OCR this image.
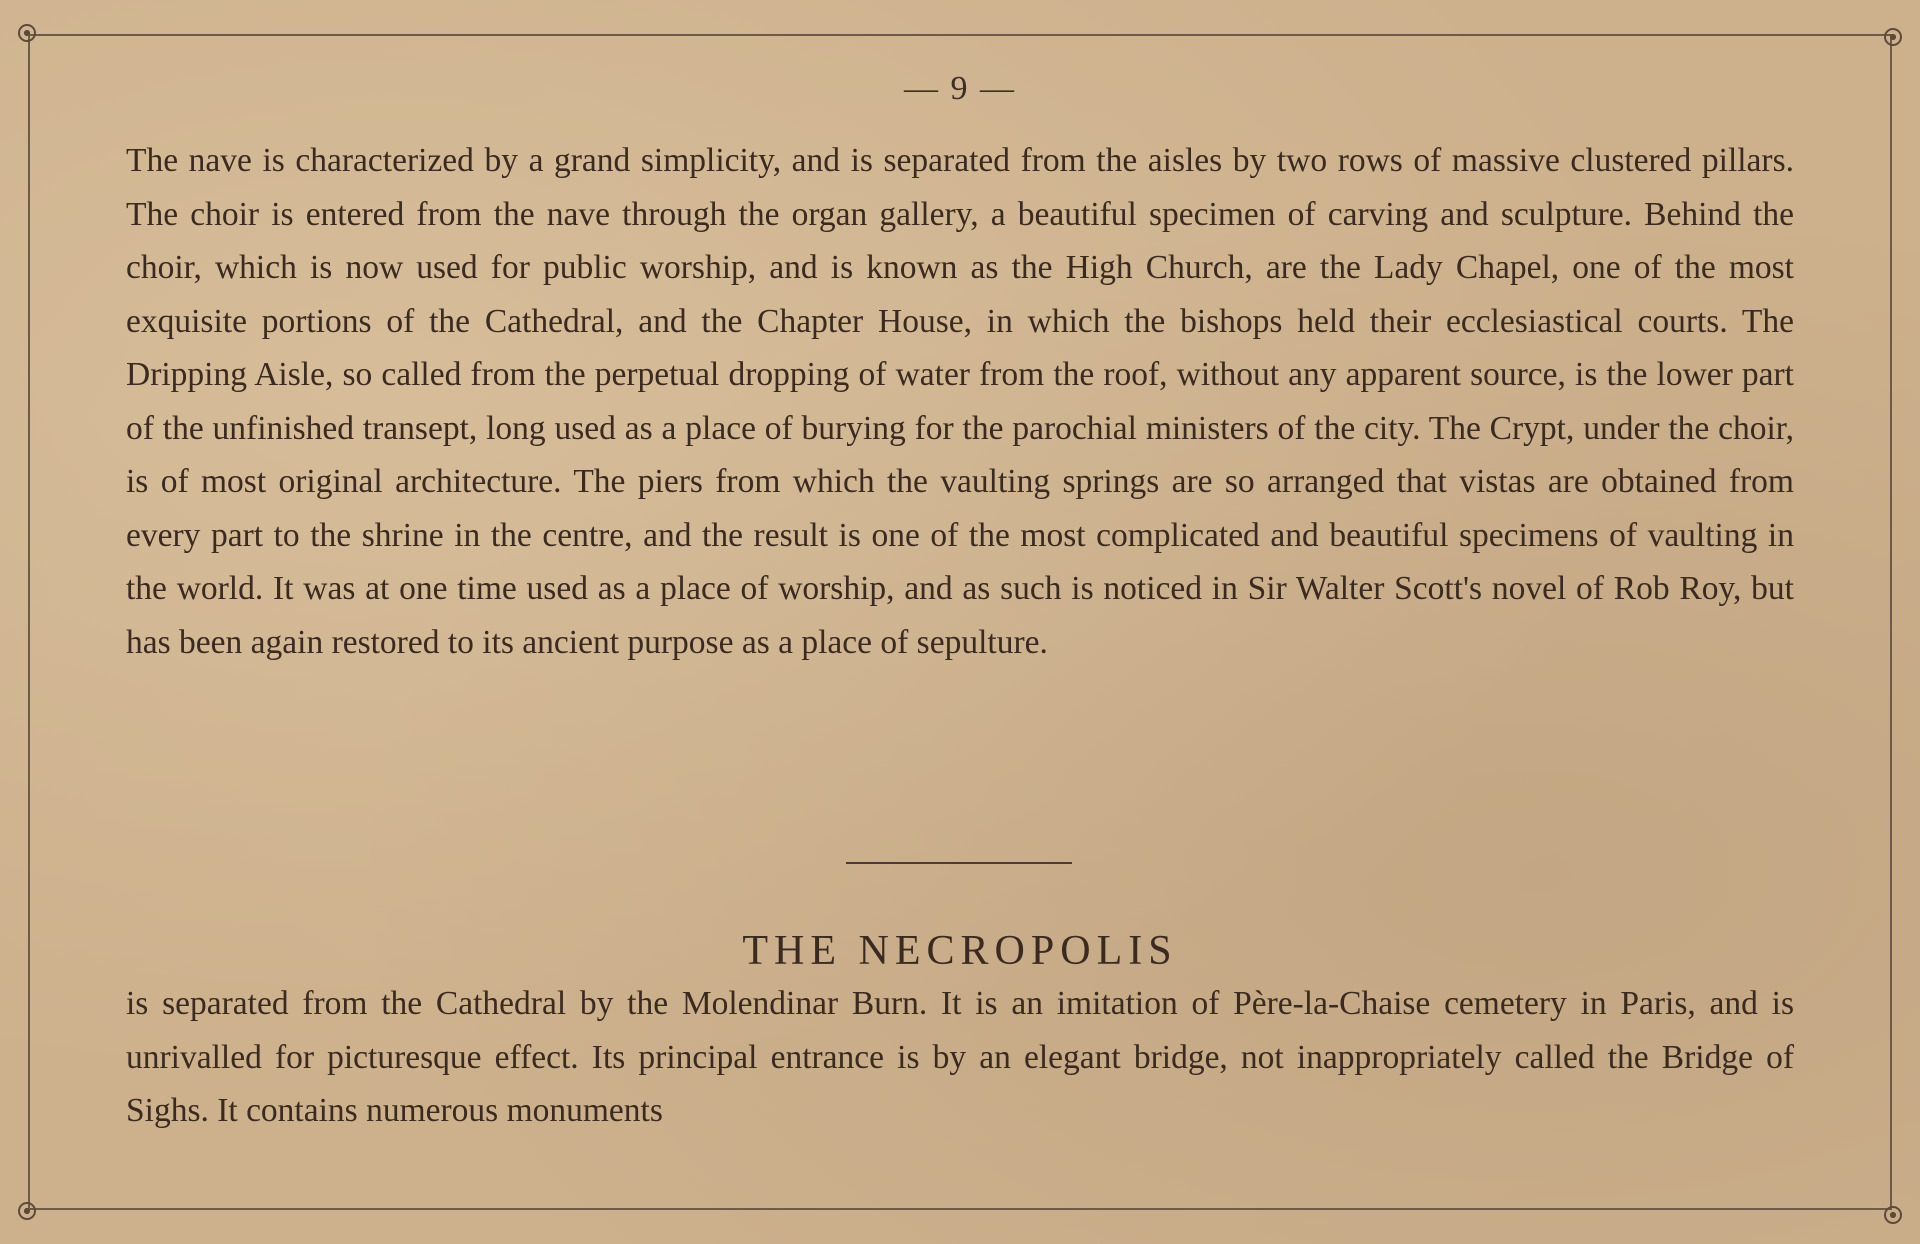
— 9 —

The nave is characterized by a grand simplicity, and is separated from the aisles by two rows of massive clustered pillars. The choir is entered from the nave through the organ gallery, a beautiful specimen of carving and sculpture. Behind the choir, which is now used for public worship, and is known as the High Church, are the Lady Chapel, one of the most exquisite portions of the Cathedral, and the Chapter House, in which the bishops held their ecclesiastical courts. The Dripping Aisle, so called from the perpetual dropping of water from the roof, without any apparent source, is the lower part of the unfinished transept, long used as a place of burying for the parochial ministers of the city. The Crypt, under the choir, is of most original architecture. The piers from which the vaulting springs are so arranged that vistas are obtained from every part to the shrine in the centre, and the result is one of the most complicated and beautiful specimens of vaulting in the world. It was at one time used as a place of worship, and as such is noticed in Sir Walter Scott's novel of Rob Roy, but has been again restored to its ancient purpose as a place of sepulture.

THE NECROPOLIS

is separated from the Cathedral by the Molendinar Burn. It is an imitation of Père-la-Chaise cemetery in Paris, and is unrivalled for picturesque effect. Its principal entrance is by an elegant bridge, not inappropriately called the Bridge of Sighs. It contains numerous monuments
